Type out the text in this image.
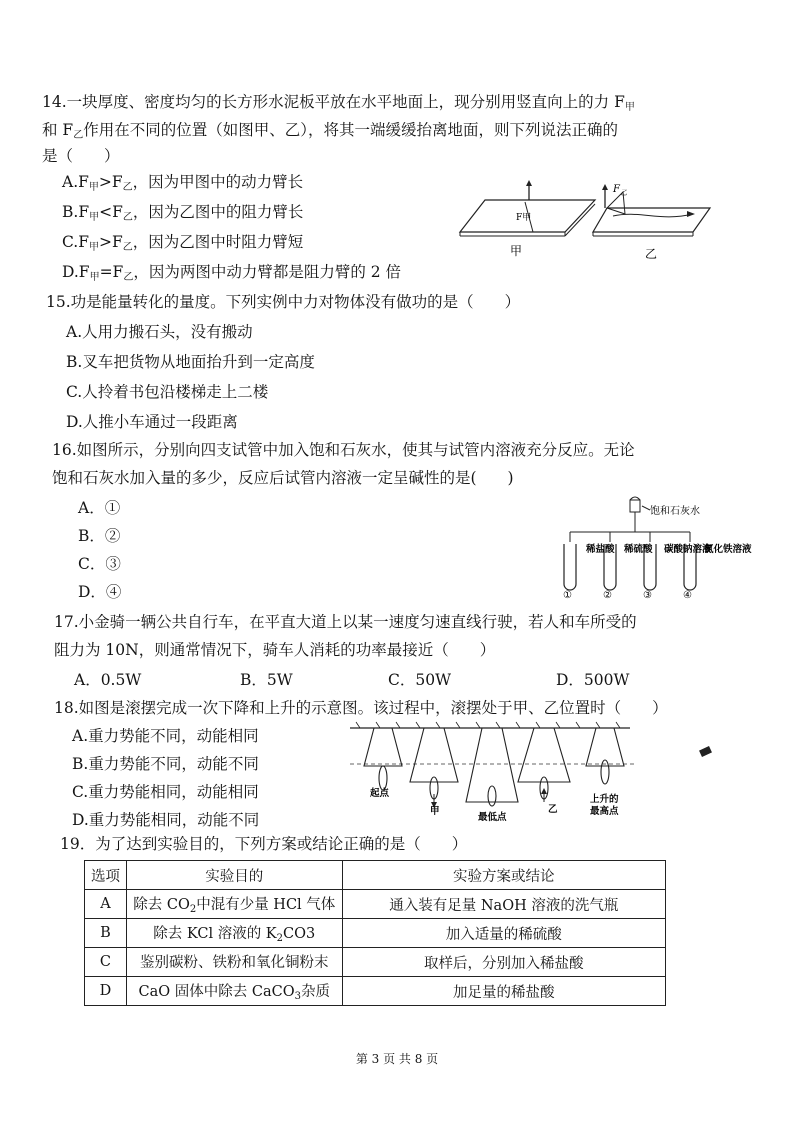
14.一块厚度、密度均匀的长方形水泥板平放在水平地面上，现分别用竖直向上的力 $F_甲$
和 $F_乙$作用在不同的位置（如图甲、乙），将其一端缓缓抬离地面，则下列说法正确的
是（　　）
$A.F_甲>F_乙$，因为甲图中的动力臂长
$B.F_甲<F_乙$，因为乙图中的阻力臂长
$C.F_甲>F_乙$，因为乙图中时阻力臂短
$D.F_甲=F_乙$，因为两图中动力臂都是阻力臂的 2 倍
F甲
甲
$F_乙$
乙
15.功是能量转化的量度。下列实例中力对物体没有做功的是（　　）
A.人用力搬石头，没有搬动
B.叉车把货物从地面抬升到一定高度
C.人拎着书包沿楼梯走上二楼
D.人推小车通过一段距离
16.如图所示，分别向四支试管中加入饱和石灰水，使其与试管内溶液充分反应。无论
饱和石灰水加入量的多少，反应后试管内溶液一定呈碱性的是(　　)
A．①
B．②
C．③
D．④
饱和石灰水
稀盐酸 稀硫酸 碳酸钠溶液
氯化铁溶液
①	②	③	④
17.小金骑一辆公共自行车，在平直大道上以某一速度匀速直线行驶，若人和车所受的
阻力为 10N，则通常情况下，骑车人消耗的功率最接近（　　）
A．0.5W	B．5W	C．50W	D．500W
18.如图是滚摆完成一次下降和上升的示意图。该过程中，滚摆处于甲、乙位置时（　　）
A.重力势能不同，动能相同
B.重力势能不同，动能不同
C.重力势能相同，动能相同
D.重力势能相同，动能不同
起点
甲
最低点
乙
上升的
最高点
19．为了达到实验目的，下列方案或结论正确的是（　　）
选项	实验目的	实验方案或结论
A	除去 $CO_2$中混有少量 HCl 气体	通入装有足量 NaOH 溶液的洗气瓶
B	除去 KCl 溶液的 $K_2CO3$	加入适量的稀硫酸
C	鉴别碳粉、铁粉和氧化铜粉末	取样后，分别加入稀盐酸
D	CaO 固体中除去 CaCO$_3$杂质	加足量的稀盐酸
第 3 页 共 8 页
